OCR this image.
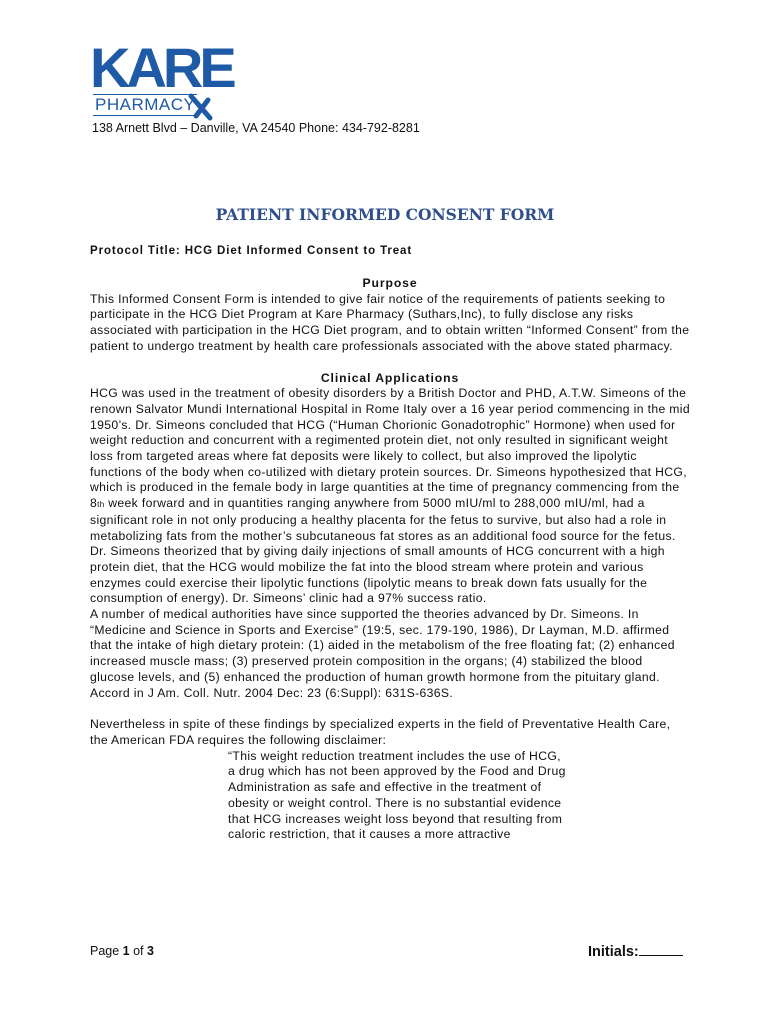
KARE
PHARMACY
138 Arnett Blvd – Danville, VA 24540 Phone: 434-792-8281
PATIENT INFORMED CONSENT FORM
Protocol Title: HCG Diet Informed Consent to Treat

Purpose

This Informed Consent Form is intended to give fair notice of the requirements of patients seeking to participate in the HCG Diet Program at Kare Pharmacy (Suthars,Inc), to fully disclose any risks associated with participation in the HCG Diet program, and to obtain written “Informed Consent” from the patient to undergo treatment by health care professionals associated with the above stated pharmacy.

Clinical Applications

HCG was used in the treatment of obesity disorders by a British Doctor and PHD, A.T.W. Simeons of the renown Salvator Mundi International Hospital in Rome Italy over a 16 year period commencing in the mid 1950’s. Dr. Simeons concluded that HCG (“Human Chorionic Gonadotrophic” Hormone) when used for weight reduction and concurrent with a regimented protein diet, not only resulted in significant weight loss from targeted areas where fat deposits were likely to collect, but also improved the lipolytic functions of the body when co-utilized with dietary protein sources. Dr. Simeons hypothesized that HCG, which is produced in the female body in large quantities at the time of pregnancy commencing from the 8th week forward and in quantities ranging anywhere from 5000 mIU/ml to 288,000 mIU/ml, had a significant role in not only producing a healthy placenta for the fetus to survive, but also had a role in metabolizing fats from the mother’s subcutaneous fat stores as an additional food source for the fetus. Dr. Simeons theorized that by giving daily injections of small amounts of HCG concurrent with a high protein diet, that the HCG would mobilize the fat into the blood stream where protein and various enzymes could exercise their lipolytic functions (lipolytic means to break down fats usually for the consumption of energy). Dr. Simeons’ clinic had a 97% success ratio.

A number of medical authorities have since supported the theories advanced by Dr. Simeons. In “Medicine and Science in Sports and Exercise” (19:5, sec. 179-190, 1986), Dr Layman, M.D. affirmed that the intake of high dietary protein: (1) aided in the metabolism of the free floating fat; (2) enhanced increased muscle mass; (3) preserved protein composition in the organs; (4) stabilized the blood glucose levels, and (5) enhanced the production of human growth hormone from the pituitary gland. Accord in J Am. Coll. Nutr. 2004 Dec: 23 (6:Suppl): 631S-636S.

Nevertheless in spite of these findings by specialized experts in the field of Preventative Health Care, the American FDA requires the following disclaimer:

“This weight reduction treatment includes the use of HCG, a drug which has not been approved by the Food and Drug Administration as safe and effective in the treatment of obesity or weight control. There is no substantial evidence that HCG increases weight loss beyond that resulting from caloric restriction, that it causes a more attractive

Page 1 of 3	Initials:
